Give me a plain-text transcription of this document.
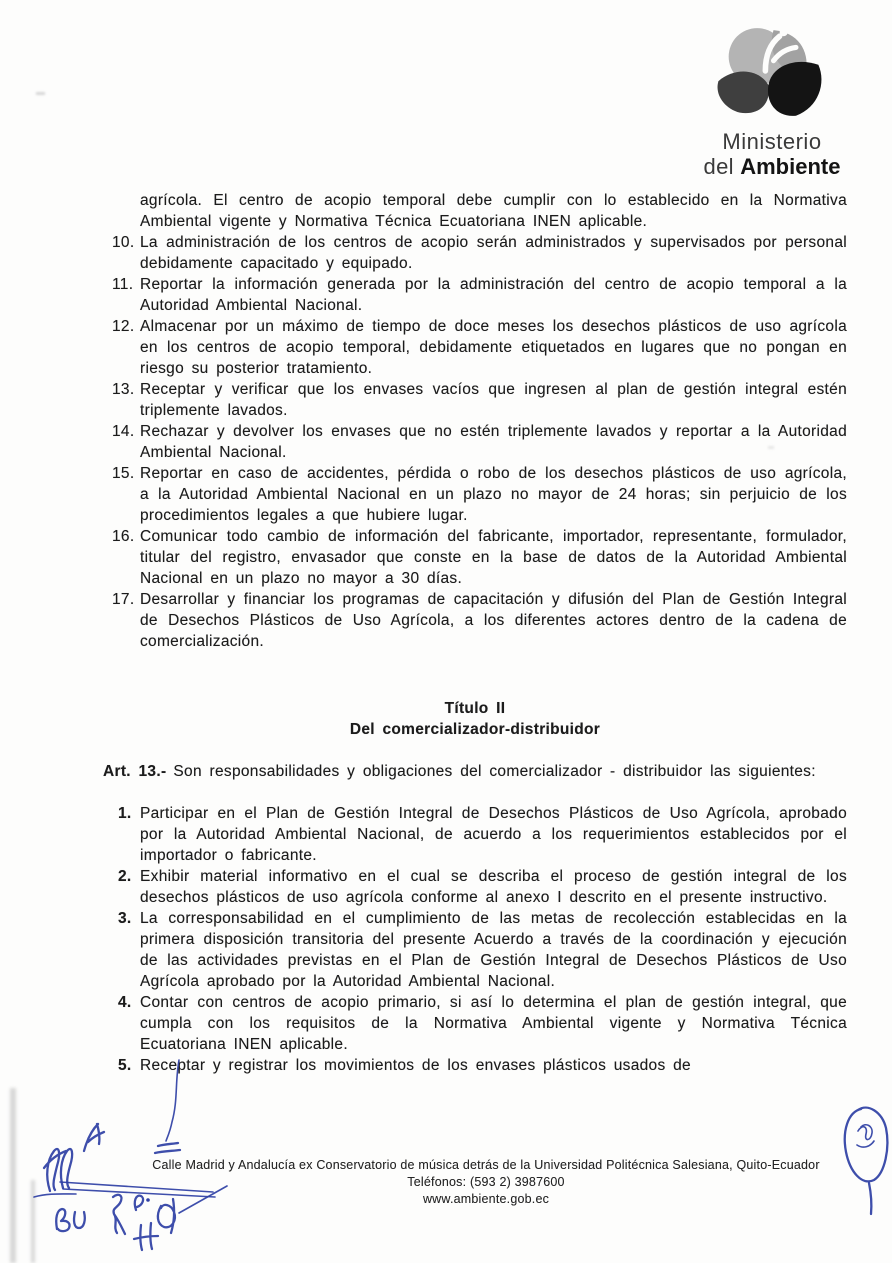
Ministerio
del Ambiente

agrícola. El centro de acopio temporal debe cumplir con lo establecido en la Normativa Ambiental vigente y Normativa Técnica Ecuatoriana INEN aplicable.

10. La administración de los centros de acopio serán administrados y supervisados por personal debidamente capacitado y equipado.
11. Reportar la información generada por la administración del centro de acopio temporal a la Autoridad Ambiental Nacional.
12. Almacenar por un máximo de tiempo de doce meses los desechos plásticos de uso agrícola en los centros de acopio temporal, debidamente etiquetados en lugares que no pongan en riesgo su posterior tratamiento.
13. Receptar y verificar que los envases vacíos que ingresen al plan de gestión integral estén triplemente lavados.
14. Rechazar y devolver los envases que no estén triplemente lavados y reportar a la Autoridad Ambiental Nacional.
15. Reportar en caso de accidentes, pérdida o robo de los desechos plásticos de uso agrícola, a la Autoridad Ambiental Nacional en un plazo no mayor de 24 horas; sin perjuicio de los procedimientos legales a que hubiere lugar.
16. Comunicar todo cambio de información del fabricante, importador, representante, formulador, titular del registro, envasador que conste en la base de datos de la Autoridad Ambiental Nacional en un plazo no mayor a 30 días.
17. Desarrollar y financiar los programas de capacitación y difusión del Plan de Gestión Integral de Desechos Plásticos de Uso Agrícola, a los diferentes actores dentro de la cadena de comercialización.
Título II
Del comercializador-distribuidor

Art. 13.- Son responsabilidades y obligaciones del comercializador - distribuidor las siguientes:

1. Participar en el Plan de Gestión Integral de Desechos Plásticos de Uso Agrícola, aprobado por la Autoridad Ambiental Nacional, de acuerdo a los requerimientos establecidos por el importador o fabricante.
2. Exhibir material informativo en el cual se describa el proceso de gestión integral de los desechos plásticos de uso agrícola conforme al anexo I descrito en el presente instructivo.
3. La corresponsabilidad en el cumplimiento de las metas de recolección establecidas en la primera disposición transitoria del presente Acuerdo a través de la coordinación y ejecución de las actividades previstas en el Plan de Gestión Integral de Desechos Plásticos de Uso Agrícola aprobado por la Autoridad Ambiental Nacional.
4. Contar con centros de acopio primario, si así lo determina el plan de gestión integral, que cumpla con los requisitos de la Normativa Ambiental vigente y Normativa Técnica Ecuatoriana INEN aplicable.
5. Receptar y registrar los movimientos de los envases plásticos usados de
Calle Madrid y Andalucía ex Conservatorio de música detrás de la Universidad Politécnica Salesiana, Quito-Ecuador
Teléfonos: (593 2) 3987600
www.ambiente.gob.ec
